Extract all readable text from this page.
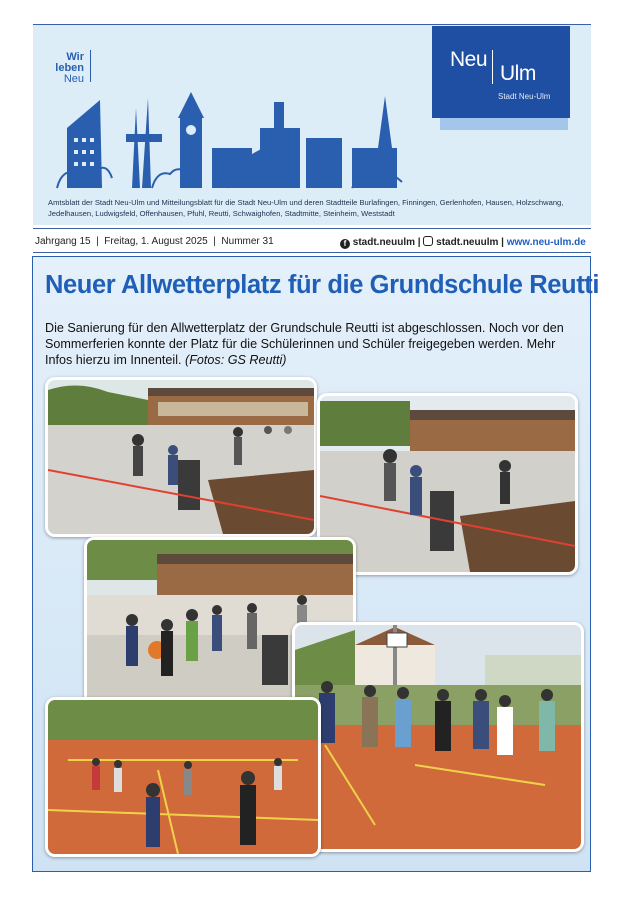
Wir
leben
Neu
Neu
Ulm
Stadt Neu-Ulm
Amtsblatt der Stadt Neu-Ulm und Mitteilungsblatt für die Stadt Neu-Ulm und deren Stadtteile Burlafingen, Finningen, Gerlenhofen, Hausen, Holzschwang, Jedelhausen, Ludwigsfeld, Offenhausen, Pfuhl, Reutti, Schwaighofen, Stadtmitte, Steinheim, Weststadt
Jahrgang 15  |  Freitag, 1. August 2025  |  Nummer 31	f stadt.neuulm |  stadt.neuulm | www.neu-ulm.de
Neuer Allwetterplatz für die Grundschule Reutti
Die Sanierung für den Allwetterplatz der Grundschule Reutti ist abgeschlossen. Noch vor den Sommerferien konnte der Platz für die Schülerinnen und Schüler freigegeben werden. Mehr Infos hierzu im Innenteil. (Fotos: GS Reutti)
